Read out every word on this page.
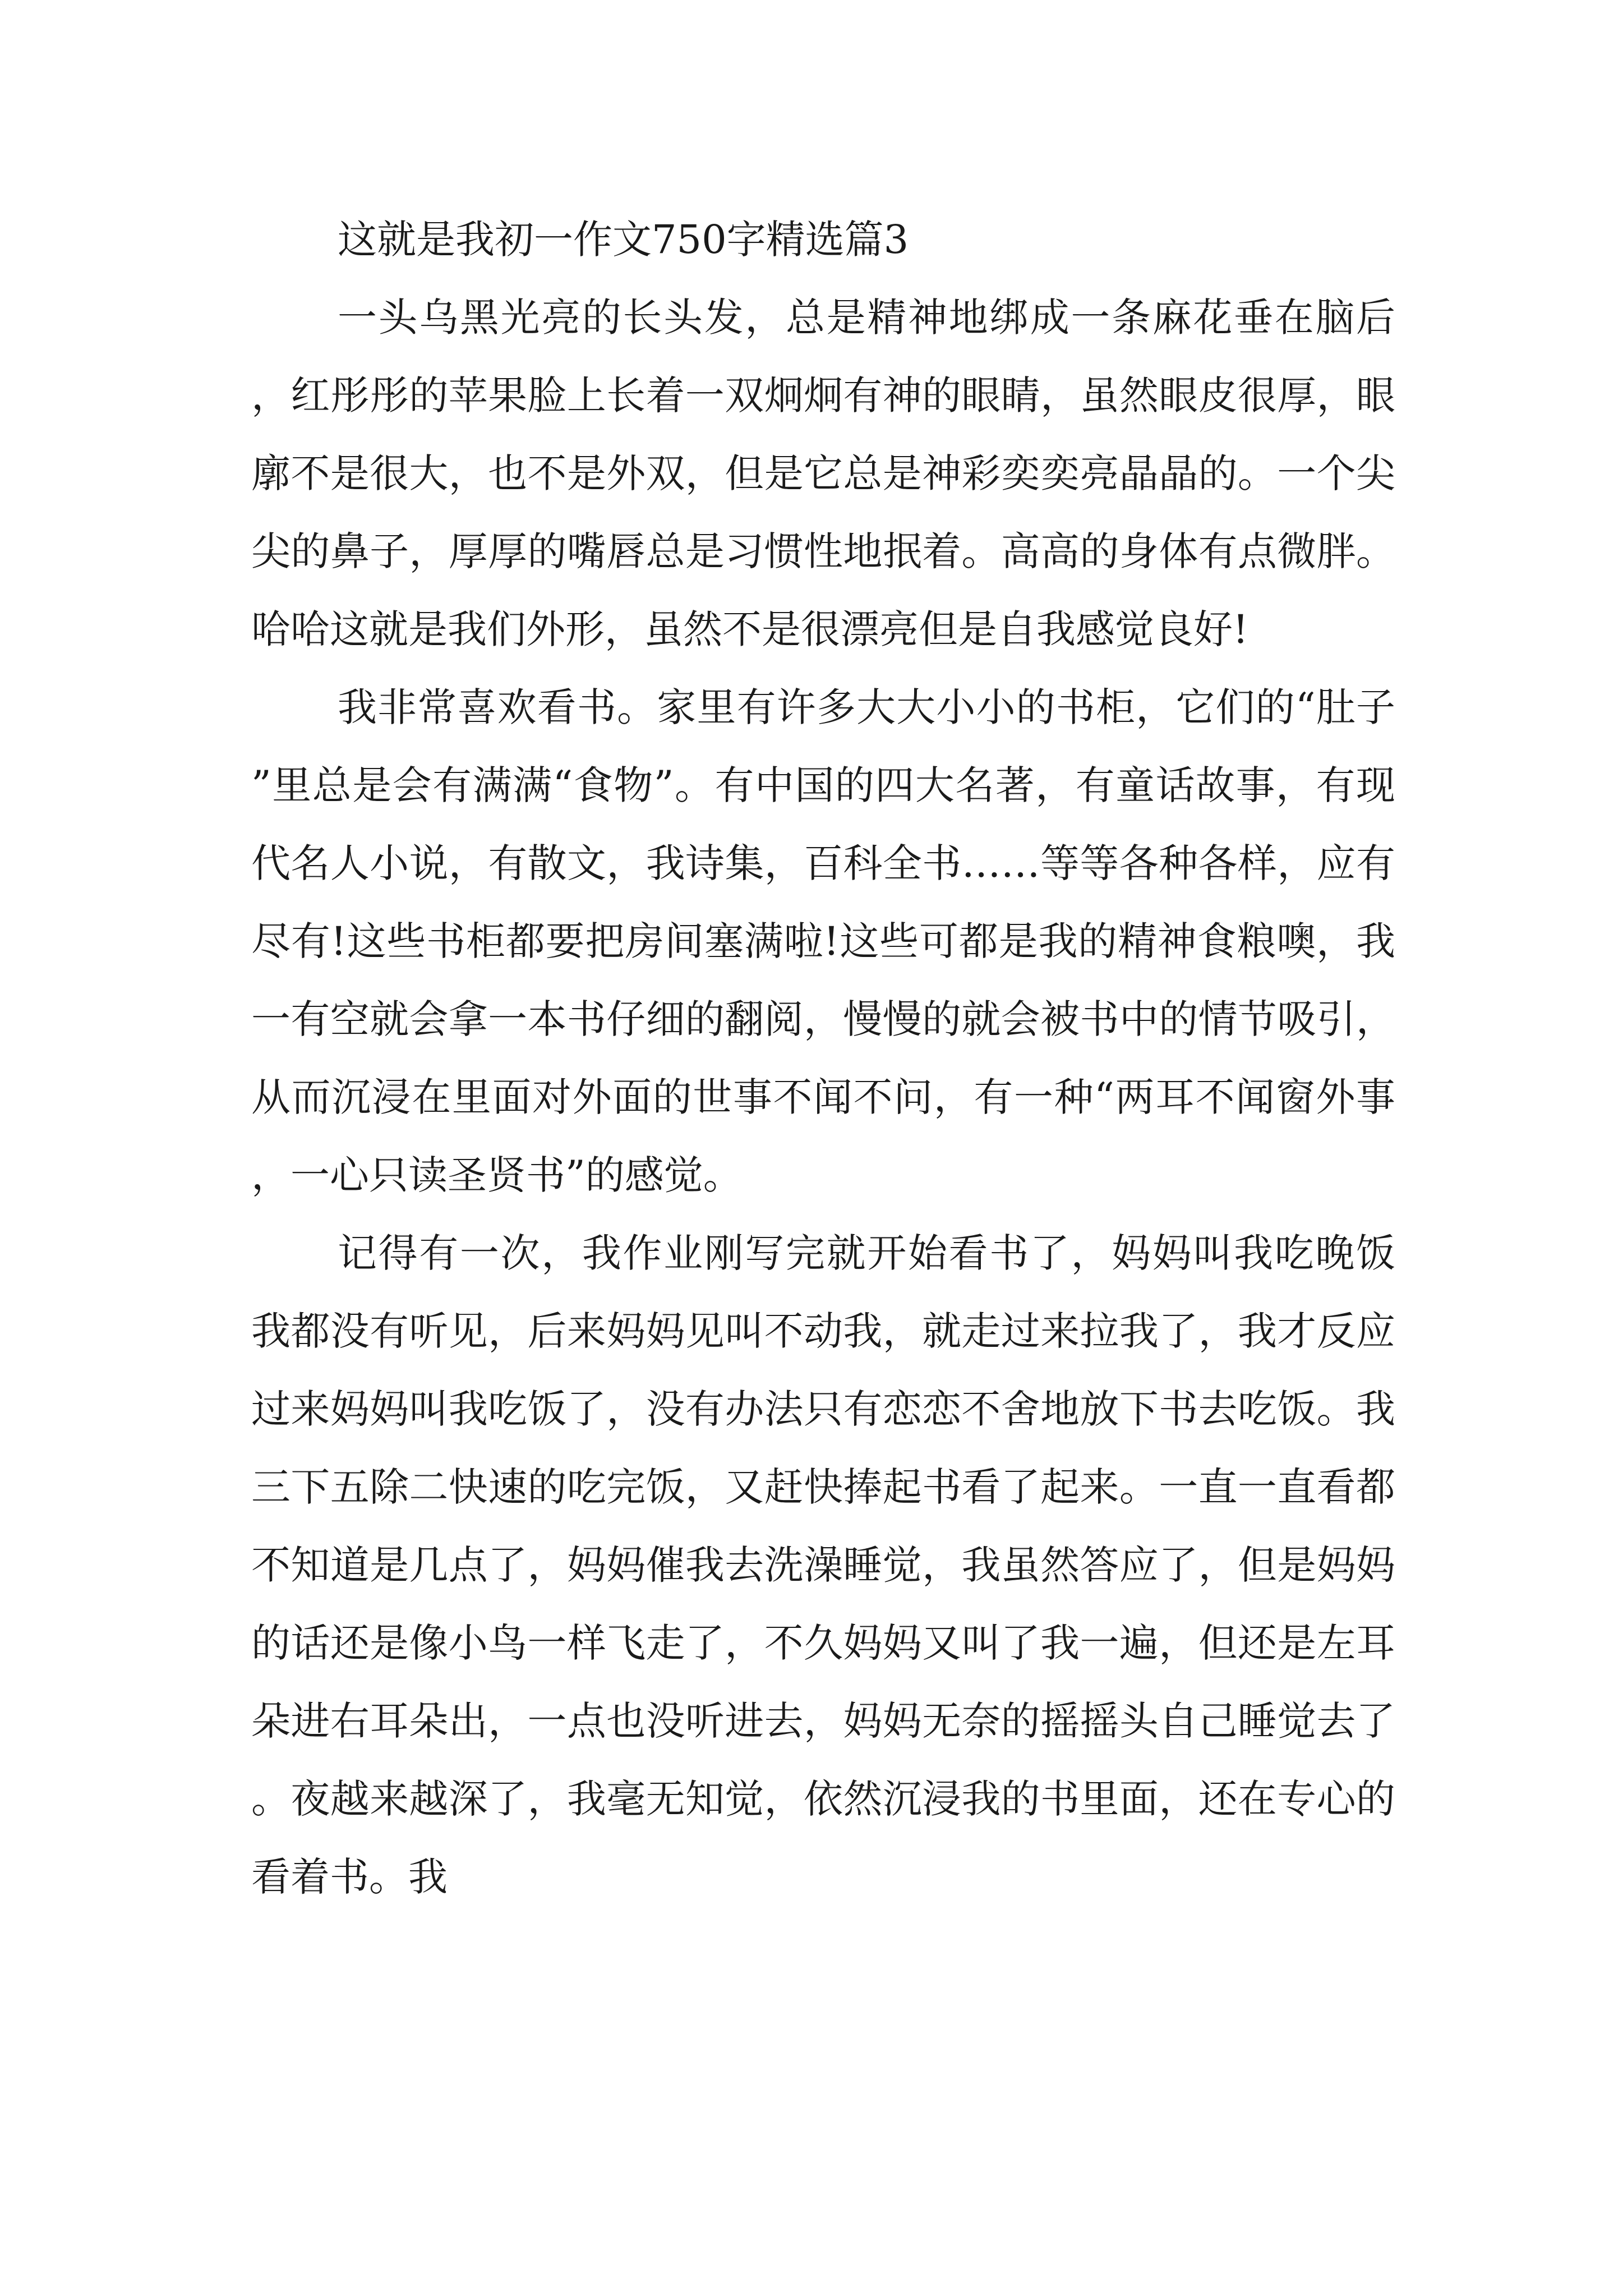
这就是我初一作文750字精选篇3

一头乌黑光亮的长头发，总是精神地绑成一条麻花垂在脑后，红彤彤的苹果脸上长着一双炯炯有神的眼睛，虽然眼皮很厚，眼廓不是很大，也不是外双，但是它总是神彩奕奕亮晶晶的。一个尖尖的鼻子，厚厚的嘴唇总是习惯性地抿着。高高的身体有点微胖。哈哈这就是我们外形，虽然不是很漂亮但是自我感觉良好!

我非常喜欢看书。家里有许多大大小小的书柜，它们的“肚子”里总是会有满满“食物”。有中国的四大名著，有童话故事，有现代名人小说，有散文，我诗集，百科全书……等等各种各样，应有尽有!这些书柜都要把房间塞满啦!这些可都是我的精神食粮噢，我一有空就会拿一本书仔细的翻阅，慢慢的就会被书中的情节吸引，从而沉浸在里面对外面的世事不闻不问，有一种“两耳不闻窗外事，一心只读圣贤书”的感觉。

记得有一次，我作业刚写完就开始看书了，妈妈叫我吃晚饭我都没有听见，后来妈妈见叫不动我，就走过来拉我了，我才反应过来妈妈叫我吃饭了，没有办法只有恋恋不舍地放下书去吃饭。我三下五除二快速的吃完饭，又赶快捧起书看了起来。一直一直看都不知道是几点了，妈妈催我去洗澡睡觉，我虽然答应了，但是妈妈的话还是像小鸟一样飞走了，不久妈妈又叫了我一遍，但还是左耳朵进右耳朵出，一点也没听进去，妈妈无奈的摇摇头自己睡觉去了。夜越来越深了，我毫无知觉，依然沉浸我的书里面，还在专心的看着书。我
